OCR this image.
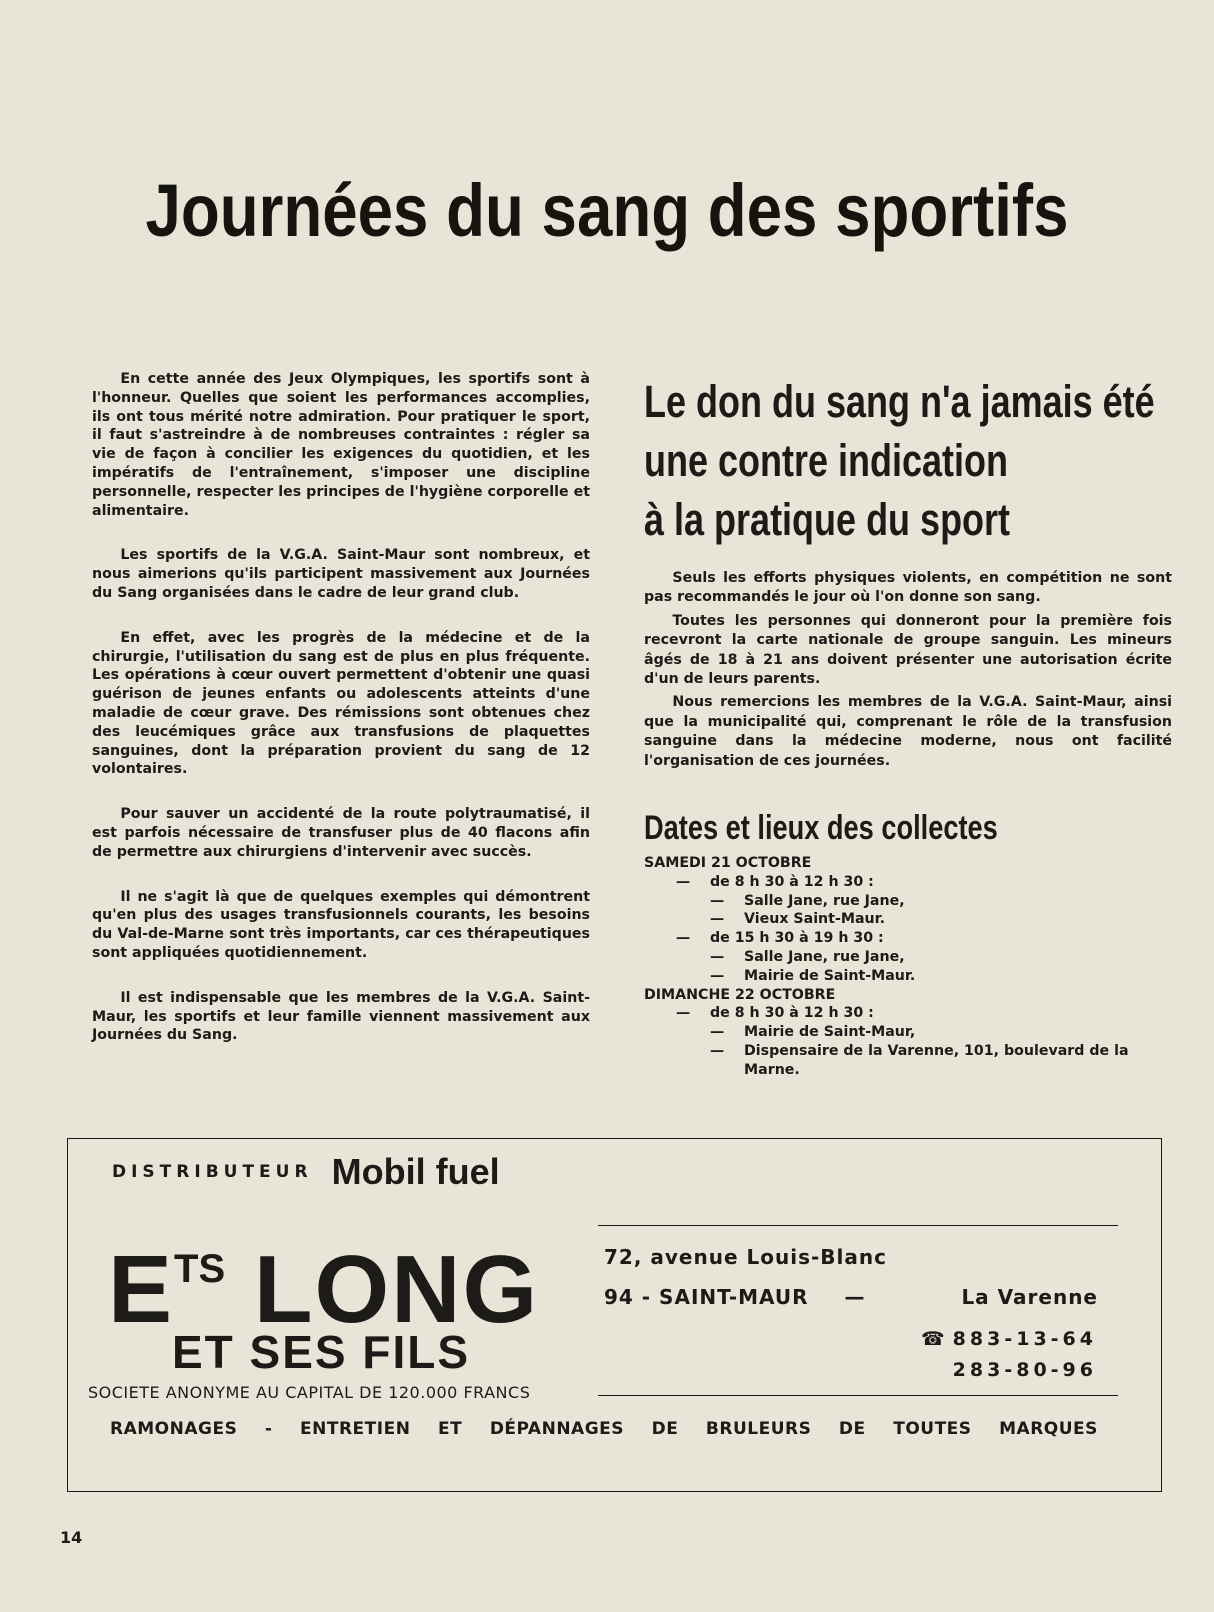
Journées du sang des sportifs

En cette année des Jeux Olympiques, les sportifs sont à l'honneur. Quelles que soient les performances accomplies, ils ont tous mérité notre admiration. Pour pratiquer le sport, il faut s'astreindre à de nombreuses contraintes : régler sa vie de façon à concilier les exigences du quotidien, et les impératifs de l'entraînement, s'imposer une discipline personnelle, respecter les principes de l'hygiène corporelle et alimentaire.

Les sportifs de la V.G.A. Saint-Maur sont nombreux, et nous aimerions qu'ils participent massivement aux Journées du Sang organisées dans le cadre de leur grand club.

En effet, avec les progrès de la médecine et de la chirurgie, l'utilisation du sang est de plus en plus fréquente. Les opérations à cœur ouvert permettent d'obtenir une quasi guérison de jeunes enfants ou adolescents atteints d'une maladie de cœur grave. Des rémissions sont obtenues chez des leucémiques grâce aux transfusions de plaquettes sanguines, dont la préparation provient du sang de 12 volontaires.

Pour sauver un accidenté de la route polytraumatisé, il est parfois nécessaire de transfuser plus de 40 flacons afin de permettre aux chirurgiens d'intervenir avec succès.

Il ne s'agit là que de quelques exemples qui démontrent qu'en plus des usages transfusionnels courants, les besoins du Val-de-Marne sont très importants, car ces thérapeutiques sont appliquées quotidiennement.

Il est indispensable que les membres de la V.G.A. Saint-Maur, les sportifs et leur famille viennent massivement aux Journées du Sang.

Le don du sang n'a jamais été
une contre indication
à la pratique du sport

Seuls les efforts physiques violents, en compétition ne sont pas recommandés le jour où l'on donne son sang.

Toutes les personnes qui donneront pour la première fois recevront la carte nationale de groupe sanguin. Les mineurs âgés de 18 à 21 ans doivent présenter une autorisation écrite d'un de leurs parents.

Nous remercions les membres de la V.G.A. Saint-Maur, ainsi que la municipalité qui, comprenant le rôle de la transfusion sanguine dans la médecine moderne, nous ont facilité l'organisation de ces journées.

Dates et lieux des collectes
SAMEDI 21 OCTOBRE
— de 8 h 30 à 12 h 30 :
— Salle Jane, rue Jane,
— Vieux Saint-Maur.
— de 15 h 30 à 19 h 30 :
— Salle Jane, rue Jane,
— Mairie de Saint-Maur.
DIMANCHE 22 OCTOBRE
— de 8 h 30 à 12 h 30 :
— Mairie de Saint-Maur,
— Dispensaire de la Varenne, 101, boulevard de la
Marne.
DISTRIBUTEUR Mobil fuel
$E^{TS}$ LONG
ET SES FILS
SOCIETE ANONYME AU CAPITAL DE 120.000 FRANCS
72, avenue Louis-Blanc
94 - SAINT-MAUR —	La Varenne
☎ 883-13-64
283-80-96
RAMONAGES - ENTRETIEN ET DÉPANNAGES DE BRULEURS DE TOUTES MARQUES
14
